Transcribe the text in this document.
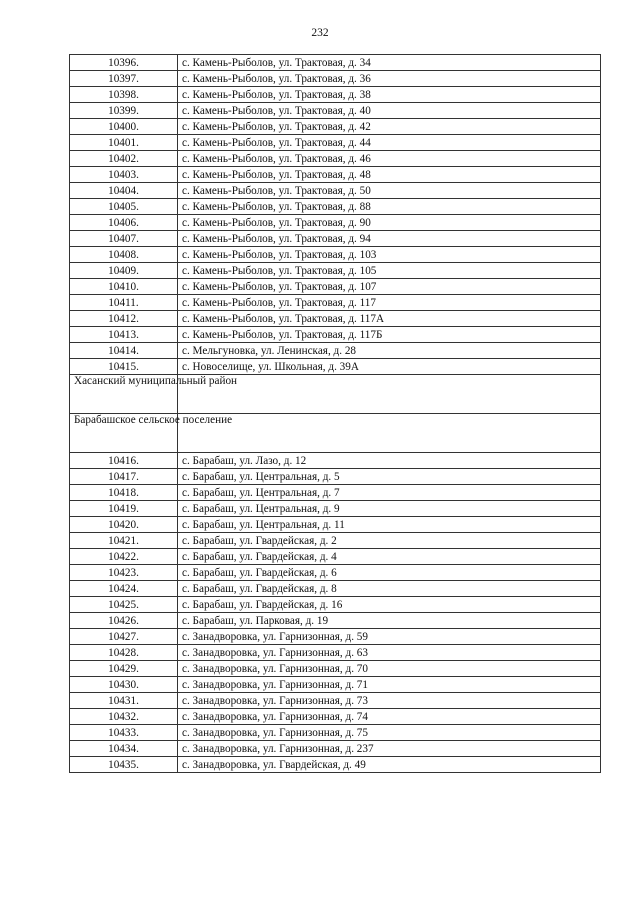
232
10396.	с. Камень-Рыболов, ул. Трактовая, д. 34
10397.	с. Камень-Рыболов, ул. Трактовая, д. 36
10398.	с. Камень-Рыболов, ул. Трактовая, д. 38
10399.	с. Камень-Рыболов, ул. Трактовая, д. 40
10400.	с. Камень-Рыболов, ул. Трактовая, д. 42
10401.	с. Камень-Рыболов, ул. Трактовая, д. 44
10402.	с. Камень-Рыболов, ул. Трактовая, д. 46
10403.	с. Камень-Рыболов, ул. Трактовая, д. 48
10404.	с. Камень-Рыболов, ул. Трактовая, д. 50
10405.	с. Камень-Рыболов, ул. Трактовая, д. 88
10406.	с. Камень-Рыболов, ул. Трактовая, д. 90
10407.	с. Камень-Рыболов, ул. Трактовая, д. 94
10408.	с. Камень-Рыболов, ул. Трактовая, д. 103
10409.	с. Камень-Рыболов, ул. Трактовая, д. 105
10410.	с. Камень-Рыболов, ул. Трактовая, д. 107
10411.	с. Камень-Рыболов, ул. Трактовая, д. 117
10412.	с. Камень-Рыболов, ул. Трактовая, д. 117А
10413.	с. Камень-Рыболов, ул. Трактовая, д. 117Б
10414.	с. Мельгуновка, ул. Ленинская, д. 28
10415.	с. Новоселище, ул. Школьная, д. 39А
Хасанский муниципальный район	
Барабашское сельское поселение	
10416.	с. Барабаш, ул. Лазо, д. 12
10417.	с. Барабаш, ул. Центральная, д. 5
10418.	с. Барабаш, ул. Центральная, д. 7
10419.	с. Барабаш, ул. Центральная, д. 9
10420.	с. Барабаш, ул. Центральная, д. 11
10421.	с. Барабаш, ул. Гвардейская, д. 2
10422.	с. Барабаш, ул. Гвардейская, д. 4
10423.	с. Барабаш, ул. Гвардейская, д. 6
10424.	с. Барабаш, ул. Гвардейская, д. 8
10425.	с. Барабаш, ул. Гвардейская, д. 16
10426.	с. Барабаш, ул. Парковая, д. 19
10427.	с. Занадворовка, ул. Гарнизонная, д. 59
10428.	с. Занадворовка, ул. Гарнизонная, д. 63
10429.	с. Занадворовка, ул. Гарнизонная, д. 70
10430.	с. Занадворовка, ул. Гарнизонная, д. 71
10431.	с. Занадворовка, ул. Гарнизонная, д. 73
10432.	с. Занадворовка, ул. Гарнизонная, д. 74
10433.	с. Занадворовка, ул. Гарнизонная, д. 75
10434.	с. Занадворовка, ул. Гарнизонная, д. 237
10435.	с. Занадворовка, ул. Гвардейская, д. 49
